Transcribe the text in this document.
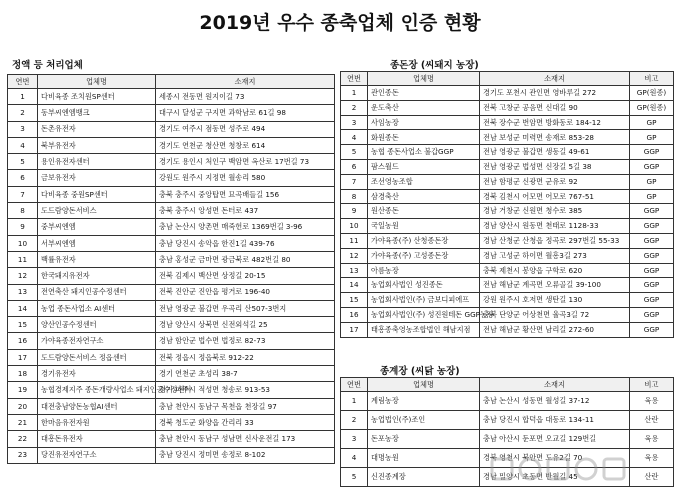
2019년 우수 종축업체 인증 현황
정액 등 처리업체
연번	업체명	소재지
1	다비육종 조치원SP센터	세종시 전동면 원지이길 73
2	동부씨엔엠뱅크	대구시 달성군 구지면 과학남로 61길 98
3	돈촌유전자	경기도 여주시 점동면 성주로 494
4	북부유전자	경기도 연천군 청산면 청창로 614
5	용인유전자센터	경기도 용인시 처인구 백암면 옥산로 17번길 73
6	금보유전자	강원도 원주시 지정면 월송리 580
7	다비육종 중원SP센터	충북 충주시 중앙탑면 묘곡배들길 156
8	도드람양돈서비스	충북 충주시 앙성면 돈터로 437
9	중부씨엔엠	충남 논산시 양촌면 매죽헌로 1369번길 3-96
10	서부씨엔엠	충남 당진시 송악읍 한진1길 439-76
11	백률유전자	충남 홍성군 금마면 광금북로 482번길 80
12	한국돼지유전자	전북 김제시 백산면 상정길 20-15
13	전연축산 돼지인공수정센터	전북 진안군 진안읍 평거로 196-40
14	농업 종돈사업소 AI센터	전남 영광군 불갑면 우곡리 산507-3번지
15	양산인공수정센터	경남 양산시 상북면 신전외석길 25
16	가야육종전자연구소	경남 함안군 법수면 법정로 82-73
17	도드람양돈서비스 정읍센터	전북 정읍시 정읍북로 912-22
18	경기유전자	경기 연천군 초성리 38-7
19	농협경제지주 종돈개량사업소 돼지인공수정센터	경기 파주시 적성면 청송로 913-53
20	대전충남양돈농협AI센터	충남 천안시 동남구 목천읍 천장길 97
21	한마음유전자원	경북 청도군 화양읍 간리리 33
22	대흥돈유전자	충남 천안시 동남구 성남면 신사운전길 173
23	당진유전자연구소	충남 당진시 정미면 송정로 8-102
종돈장 (씨돼지 농장)
연번	업체명	소재지	비고
1	관인종돈	경기도 포천시 관인면 영바루길 272	GP(원종)
2	운도축산	전북 고창군 공음면 신대길 90	GP(원종)
3	사임농장	전북 장수군 번암면 방화동로 184-12	GP
4	화원종돈	전남 보성군 미력면 송재로 853-28	GP
5	농협 종돈사업소 불갑GGP	전남 영광군 불갑면 생동길 49-61	GGP
6	팜스월드	전남 영광군 법성면 신장길 5길 38	GGP
7	조선영농조합	전남 함평군 신광면 군유로 92	GP
8	삼경축산	경북 김천시 어모면 어모로 767-51	GP
9	원산종돈	경남 거창군 신원면 청수로 385	GGP
10	국일농원	경남 양산시 원동면 천태로 1128-33	GGP
11	가야육종(주) 산청종돈장	경남 산청군 산청읍 정곡로 297번길 55-33	GGP
12	가야육종(주) 고성종돈장	경남 고성군 하이면 월흥3길 273	GGP
13	아름농장	충북 제천시 봉양읍 구학로 620	GGP
14	농업회사법인 성진종돈	전남 해남군 계곡면 오류골길 39-100	GGP
15	농업회사법인(주) 금보디피에프	강원 원주시 호저면 생탄길 130	GGP
16	농업회사법인(주) 성진원테돈 GGP농장	충북 단양군 어상천면 율곡3길 72	GGP
17	태흥종축영농조합법인 해남지점	전남 해남군 황산면 남리길 272-60	GGP
종계장 (씨닭 농장)
연번	업체명	소재지	비고
1	계림농장	충남 논산시 성동면 월성길 37-12	육용
2	농업법인(주)조인	충남 당진시 합덕읍 대동로 134-11	산란
3	돈포농장	충남 아산시 둔포면 오교길 129번길	육용
4	대명농원	경북 영천시 북안면 도유2길 70	육용
5	신진종계장	경남 밀양시 초동면 반월길 45	산란
